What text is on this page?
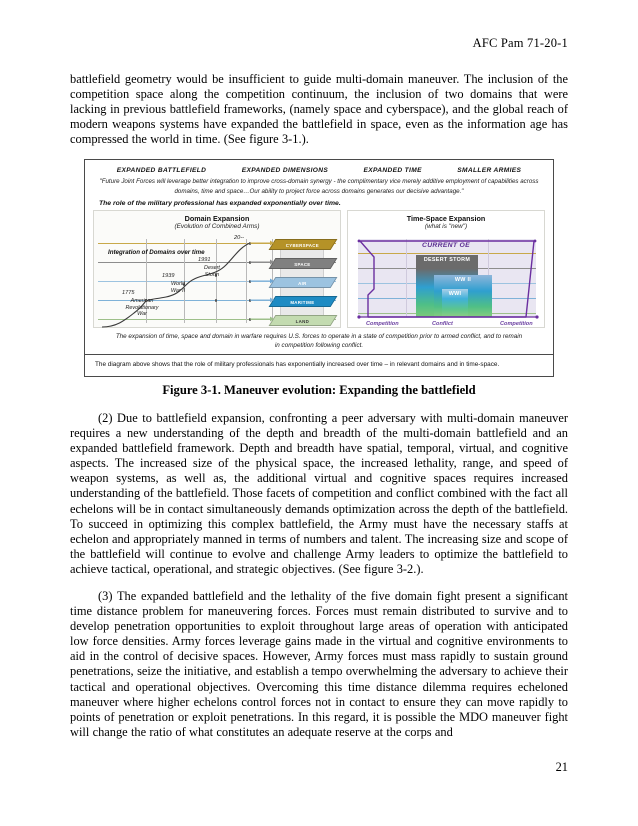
AFC Pam 71-20-1

battlefield geometry would be insufficient to guide multi-domain maneuver. The inclusion of the competition space along the competition continuum, the inclusion of two domains that were lacking in previous battlefield frameworks, (namely space and cyberspace), and the global reach of modern weapons systems have expanded the battlefield in space, even as the information age has compressed the world in time. (See figure 3-1.).

EXPANDED BATTLEFIELD	EXPANDED DIMENSIONS	EXPANDED TIME	SMALLER ARMIES
"Future Joint Forces will leverage better integration to improve cross-domain synergy - the complimentary vice merely additive employment of capabilities across domains, time and space…Our ability to project force across domains generates our decisive advantage."
The role of the military professional has expanded exponentially over time.
Domain Expansion
(Evolution of Combined Arms)
Integration of Domains over time
1775
American
Revolutionary
War
1939
World
War II
1991
Desert
Storm
20--
CYBERSPACE
SPACE
AIR
MARITIME
LAND
Time-Space Expansion
(what is "new")
DESERT STORM
WW II
WWI
CURRENT OE
Competition	Conflict	Competition
The expansion of time, space and domain in warfare requires U.S. forces to operate in a state of competition prior to armed conflict, and to remain in competition following conflict.
The diagram above shows that the role of military professionals has exponentially increased over time – in relevant domains and in time-space.
Figure 3-1. Maneuver evolution: Expanding the battlefield

(2) Due to battlefield expansion, confronting a peer adversary with multi-domain maneuver requires a new understanding of the depth and breadth of the multi-domain battlefield and an expanded battlefield framework. Depth and breadth have spatial, temporal, virtual, and cognitive aspects. The increased size of the physical space, the increased lethality, range, and speed of weapon systems, as well as, the additional virtual and cognitive spaces requires increased understanding of the battlefield. Those facets of competition and conflict combined with the fact all echelons will be in contact simultaneously demands optimization across the depth of the battlefield. To succeed in optimizing this complex battlefield, the Army must have the necessary staffs at echelon and appropriately manned in terms of numbers and talent. The increasing size and scope of the battlefield will continue to evolve and challenge Army leaders to optimize the battlefield to achieve tactical, operational, and strategic objectives. (See figure 3-2.).

(3) The expanded battlefield and the lethality of the five domain fight present a significant time distance problem for maneuvering forces. Forces must remain distributed to survive and to develop penetration opportunities to exploit throughout large areas of operation with anticipated low force densities. Army forces leverage gains made in the virtual and cognitive environments to aid in the control of decisive spaces. However, Army forces must mass rapidly to sustain ground penetrations, seize the initiative, and establish a tempo overwhelming the adversary to achieve their tactical and operational objectives. Overcoming this time distance dilemma requires echeloned maneuver where higher echelons control forces not in contact to ensure they can move rapidly to points of penetration or exploit penetrations. In this regard, it is possible the MDO maneuver fight will change the ratio of what constitutes an adequate reserve at the corps and

21
